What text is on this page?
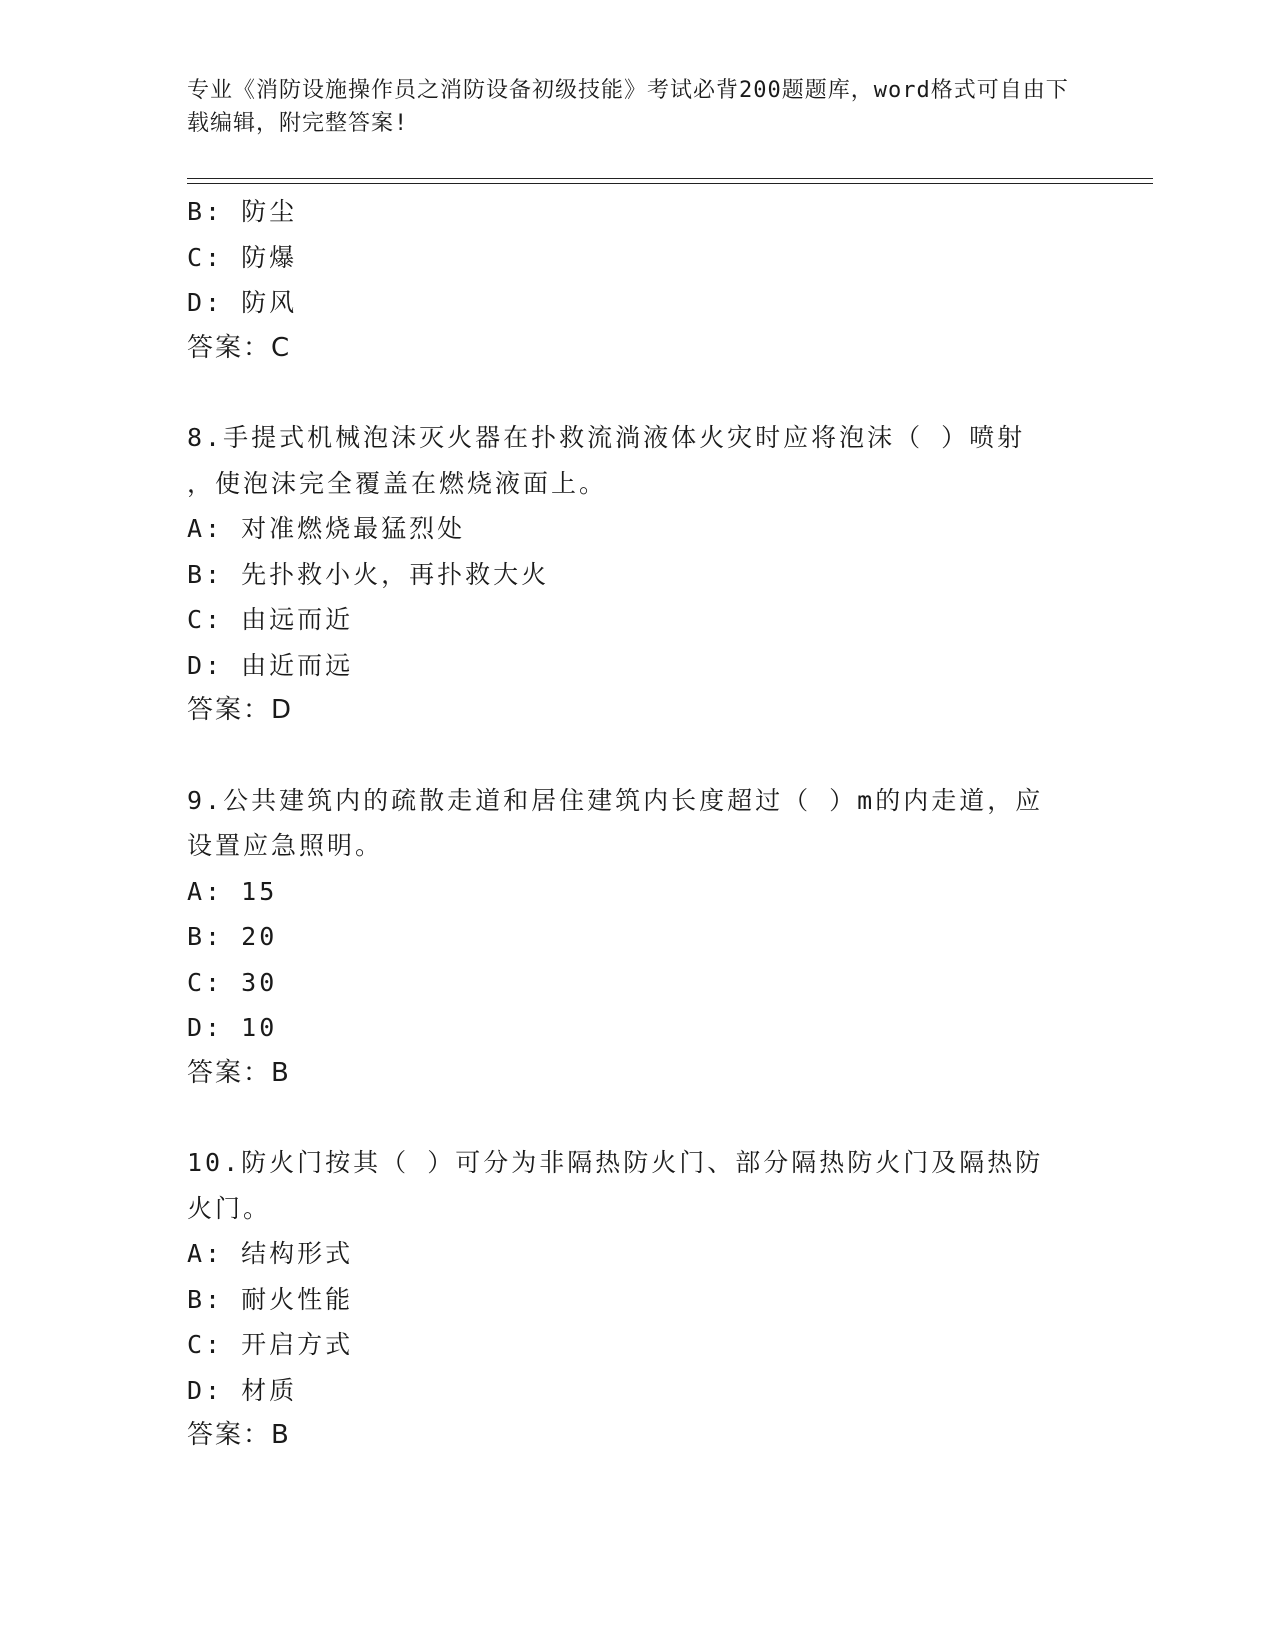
专业《消防设施操作员之消防设备初级技能》考试必背200题题库，word格式可自由下载编辑，附完整答案!
B: 防尘
C: 防爆
D: 防风
答案：C
8.手提式机械泡沫灭火器在扑救流淌液体火灾时应将泡沫（ ）喷射
，使泡沫完全覆盖在燃烧液面上。
A: 对准燃烧最猛烈处
B: 先扑救小火，再扑救大火
C: 由远而近
D: 由近而远
答案：D
9.公共建筑内的疏散走道和居住建筑内长度超过（ ）m的内走道，应
设置应急照明。
A: 15
B: 20
C: 30
D: 10
答案：B
10.防火门按其（ ）可分为非隔热防火门、部分隔热防火门及隔热防
火门。
A: 结构形式
B: 耐火性能
C: 开启方式
D: 材质
答案：B
